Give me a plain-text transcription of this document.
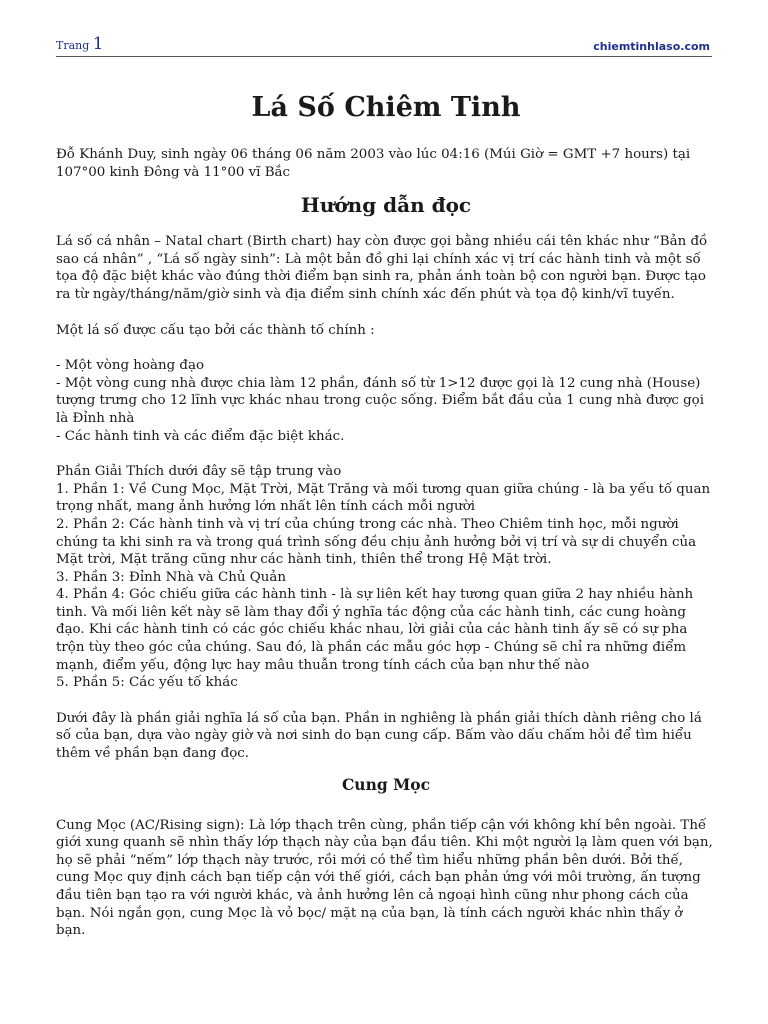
Trang 1	chiemtinhlaso.com
Lá Số Chiêm Tinh

Đỗ Khánh Duy, sinh ngày 06 tháng 06 năm 2003 vào lúc 04:16 (Múi Giờ = GMT +7 hours) tại 107°00 kinh Đông và 11°00 vĩ Bắc

Hướng dẫn đọc

Lá số cá nhân – Natal chart (Birth chart) hay còn được gọi bằng nhiều cái tên khác như “Bản đồ sao cá nhân” , “Lá số ngày sinh”: Là một bản đồ ghi lại chính xác vị trí các hành tinh và một số tọa độ đặc biệt khác vào đúng thời điểm bạn sinh ra, phản ánh toàn bộ con người bạn. Được tạo ra từ ngày/tháng/năm/giờ sinh và địa điểm sinh chính xác đến phút và tọa độ kinh/vĩ tuyến.

Một lá số được cấu tạo bởi các thành tố chính :

- Một vòng hoàng đạo
- Một vòng cung nhà được chia làm 12 phần, đánh số từ 1>12 được gọi là 12 cung nhà (House) tượng trưng cho 12 lĩnh vực khác nhau trong cuộc sống. Điểm bắt đầu của 1 cung nhà được gọi là Đỉnh nhà
- Các hành tinh và các điểm đặc biệt khác.
Phần Giải Thích dưới đây sẽ tập trung vào
1. Phần 1: Về Cung Mọc, Mặt Trời, Mặt Trăng và mối tương quan giữa chúng - là ba yếu tố quan trọng nhất, mang ảnh hưởng lớn nhất lên tính cách mỗi người
2. Phần 2: Các hành tinh và vị trí của chúng trong các nhà. Theo Chiêm tinh học, mỗi người chúng ta khi sinh ra và trong quá trình sống đều chịu ảnh hưởng bởi vị trí và sự di chuyển của Mặt trời, Mặt trăng cũng như các hành tinh, thiên thể trong Hệ Mặt trời.
3. Phần 3: Đỉnh Nhà và Chủ Quản
4. Phần 4: Góc chiếu giữa các hành tinh - là sự liên kết hay tương quan giữa 2 hay nhiều hành tinh. Và mối liên kết này sẽ làm thay đổi ý nghĩa tác động của các hành tinh, các cung hoàng đạo. Khi các hành tinh có các góc chiếu khác nhau, lời giải của các hành tinh ấy sẽ có sự pha trộn tùy theo góc của chúng. Sau đó, là phần các mẫu góc hợp - Chúng sẽ chỉ ra những điểm mạnh, điểm yếu, động lực hay mâu thuẫn trong tính cách của bạn như thế nào
5. Phần 5: Các yếu tố khác

Dưới đây là phần giải nghĩa lá số của bạn. Phần in nghiêng là phần giải thích dành riêng cho lá số của bạn, dựa vào ngày giờ và nơi sinh do bạn cung cấp. Bấm vào dấu chấm hỏi để tìm hiểu thêm về phần bạn đang đọc.

Cung Mọc

Cung Mọc (AC/Rising sign): Là lớp thạch trên cùng, phần tiếp cận với không khí bên ngoài. Thế giới xung quanh sẽ nhìn thấy lớp thạch này của bạn đầu tiên. Khi một người lạ làm quen với bạn, họ sẽ phải “nếm” lớp thạch này trước, rồi mới có thể tìm hiểu những phần bên dưới. Bởi thế, cung Mọc quy định cách bạn tiếp cận với thế giới, cách bạn phản ứng với môi trường, ấn tượng đầu tiên bạn tạo ra với người khác, và ảnh hưởng lên cả ngoại hình cũng như phong cách của bạn. Nói ngắn gọn, cung Mọc là vỏ bọc/ mặt nạ của bạn, là tính cách người khác nhìn thấy ở bạn.
